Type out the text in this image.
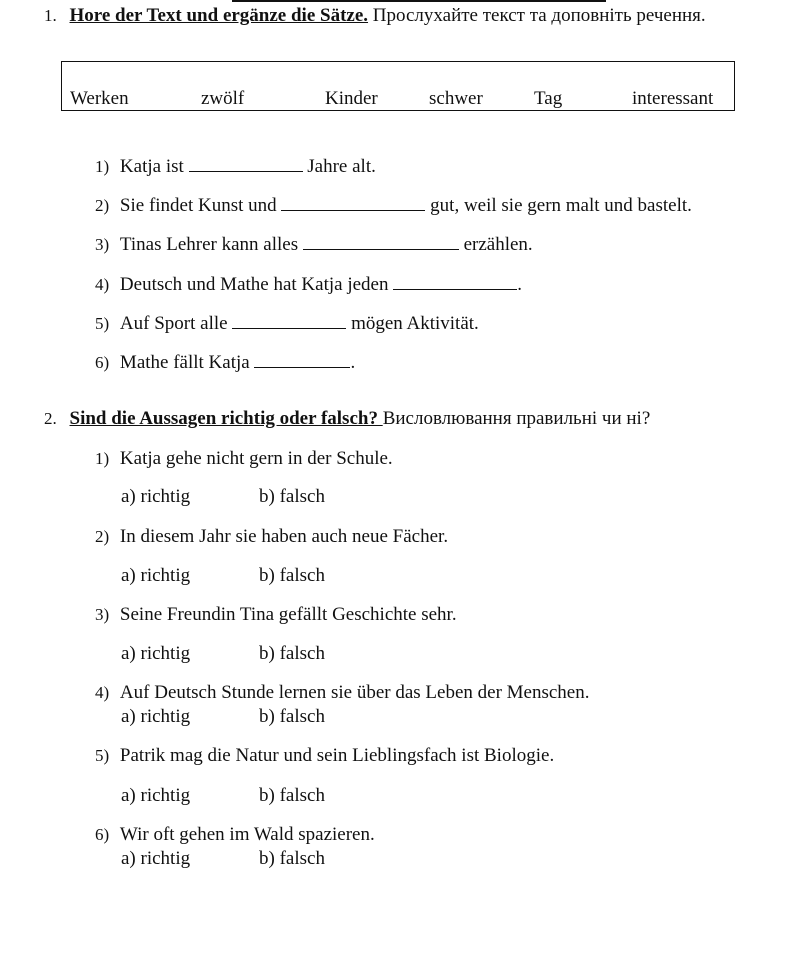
1. Hore der Text und ergänze die Sätze. Прослухайте текст та доповніть речення.
Werken	zwölf	Kinder	schwer	Tag	interessant
1) Katja ist	Jahre alt.
2) Sie findet Kunst und	gut, weil sie gern malt und bastelt.
3) Tinas Lehrer kann alles	erzählen.
4) Deutsch und Mathe hat Katja jeden	.
5) Auf Sport alle	mögen Aktivität.
6) Mathe fällt Katja	.
2. Sind die Aussagen richtig oder falsch? Висловлювання правильні чи ні?
1) Katja gehe nicht gern in der Schule.
a) richtig	b) falsch
2) In diesem Jahr sie haben auch neue Fächer.
a) richtig	b) falsch
3) Seine Freundin Tina gefällt Geschichte sehr.
a) richtig	b) falsch
4) Auf Deutsch Stunde lernen sie über das Leben der Menschen.
a) richtig	b) falsch
5) Patrik mag die Natur und sein Lieblingsfach ist Biologie.
a) richtig	b) falsch
6) Wir oft gehen im Wald spazieren.
a) richtig	b) falsch
